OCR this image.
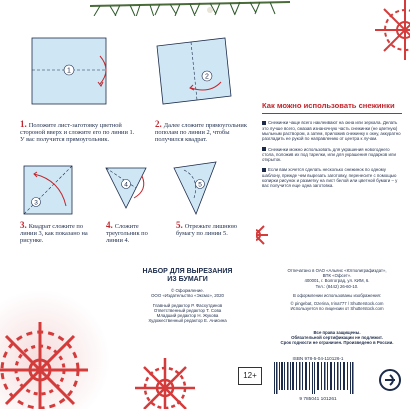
1
2
1. Положите лист-заготовку цветной стороной вверх и сложите его по линии 1. У вас получится прямоугольник.
2. Далее сложите прямоугольник пополам по линии 2, чтобы получился квадрат.
3
4	5
3. Квадрат сложите по линии 3, как показано на рисунке.
4. Сложите треугольник по линии 4.
5. Отрежьте лишнюю бумагу по линии 5.
Как можно использовать снежинки
Снежинки чаще всего наклеивают на окна или зеркала. Делать это лучше всего, смазав изнаночную часть снежинки (не цветную) мыльным раствором, а затем, приложив снежинку к окну, аккуратно разгладить ее рукой по направлению от центра к лучам.
Снежинки можно использовать для украшения новогоднего стола, положив их под тарелки, или для украшения подарков или открыток.
Если вам хочется сделать несколько снежинок по одному шаблону, прежде чем вырезать заготовку, перенесите с помощью копирки рисунок и разметку на лист белой или цветной бумаги – у вас получится еще одна заготовка.
НАБОР ДЛЯ ВЫРЕЗАНИЯ
ИЗ БУМАГИ
© Оформление.
ООО «Издательство «Эксмо», 2020
Главный редактор Р. Фасхутдинов
Ответственный редактор Т. Сова
Младший редактор Н. Жукова
Художественный редактор Е. Анисина
Отпечатано в ОАО «Альянс «Югполиграфиздат»,
ВПК «Офсет».
400001, г. Волгоград, ул. КИМ, 6.
Тел.: (8442) 26-60-10.
В оформлении использованы изображения:
© pingebat, Ozerina, Irina777 / Shutterstock.com
Используется по лицензии от Shutterstock.com
Все права защищены.
Обязательной сертификации не подлежит.
Срок годности не ограничен. Произведено в России.
12+
ISBN 978-5-04-110126-1
9 785041 101261
